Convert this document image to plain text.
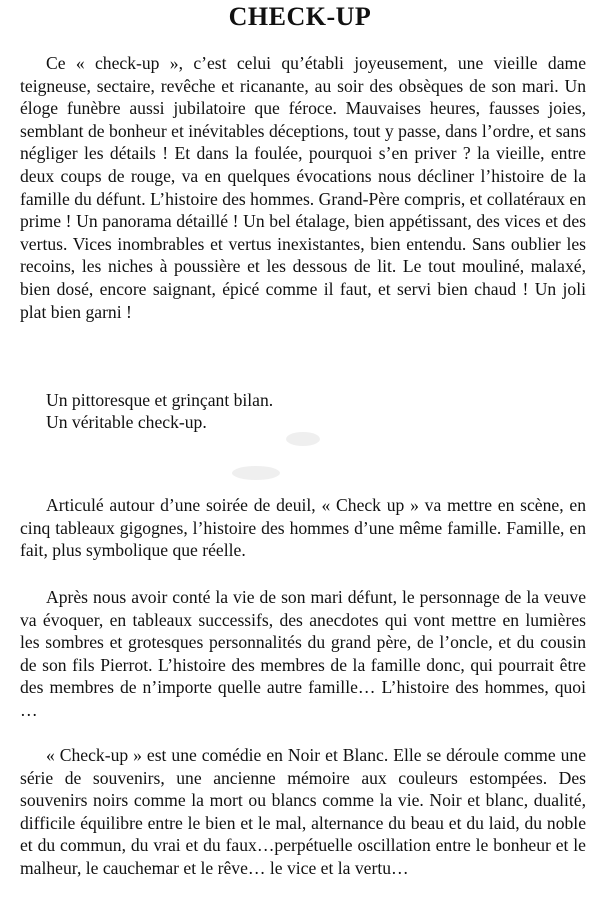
CHECK-UP

Ce « check-up », c’est celui qu’établi joyeusement, une vieille dame teigneuse, sectaire, revêche et ricanante, au soir des obsèques de son mari. Un éloge funèbre aussi jubilatoire que féroce. Mauvaises heures, fausses joies, semblant de bonheur et inévitables déceptions, tout y passe, dans l’ordre, et sans négliger les détails ! Et dans la foulée, pourquoi s’en priver ? la vieille, entre deux coups de rouge, va en quelques évocations nous décliner l’histoire de la famille du défunt. L’histoire des hommes. Grand-Père compris, et collatéraux en prime ! Un panorama détaillé ! Un bel étalage, bien appétissant, des vices et des vertus. Vices inombrables et vertus inexistantes, bien entendu. Sans oublier les recoins, les niches à poussière et les dessous de lit. Le tout mouliné, malaxé, bien dosé, encore saignant, épicé comme il faut, et servi bien chaud ! Un joli plat bien garni !

Un pittoresque et grinçant bilan.

Un véritable check-up.

Articulé autour d’une soirée de deuil, « Check up » va mettre en scène, en cinq tableaux gigognes, l’histoire des hommes d’une même famille. Famille, en fait, plus symbolique que réelle.

Après nous avoir conté la vie de son mari défunt, le personnage de la veuve va évoquer, en tableaux successifs, des anecdotes qui vont mettre en lumières les sombres et grotesques personnalités du grand père, de l’oncle, et du cousin de son fils Pierrot. L’histoire des membres de la famille donc, qui pourrait être des membres de n’importe quelle autre famille… L’histoire des hommes, quoi …

« Check-up » est une comédie en Noir et Blanc. Elle se déroule comme une série de souvenirs, une ancienne mémoire aux couleurs estompées. Des souvenirs noirs comme la mort ou blancs comme la vie. Noir et blanc, dualité, difficile équilibre entre le bien et le mal, alternance du beau et du laid, du noble et du commun, du vrai et du faux…perpétuelle oscillation entre le bonheur et le malheur, le cauchemar et le rêve… le vice et la vertu…
